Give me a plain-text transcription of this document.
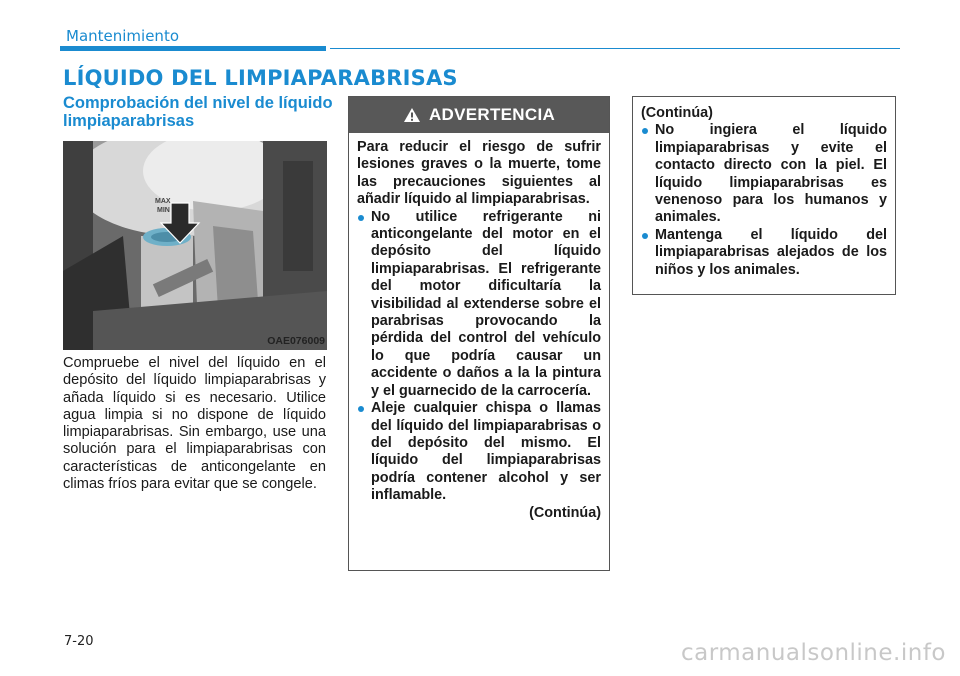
Mantenimiento
LÍQUIDO DEL LIMPIAPARABRISAS
Comprobación del nivel de líquido limpiaparabrisas
MAX
MIN
OAE076009
Compruebe el nivel del líquido en el depósito del líquido limpiaparabrisas y añada líquido si es necesario. Utilice agua limpia si no dispone de líquido limpiaparabrisas. Sin embargo, use una solución para el limpiaparabrisas con características de anticongelante en climas fríos para evitar que se congele.
ADVERTENCIA

Para reducir el riesgo de sufrir lesiones graves o la muerte, tome las precauciones siguientes al añadir líquido al limpiaparabrisas.

No utilice refrigerante ni anticongelante del motor en el depósito del líquido limpiaparabrisas. El refrigerante del motor dificultaría la visibilidad al extenderse sobre el parabrisas provocando la pérdida del control del vehículo lo que podría causar un accidente o daños a la la pintura y el guarnecido de la carrocería.

Aleje cualquier chispa o llamas del líquido del limpiaparabrisas o del depósito del mismo. El líquido del limpiaparabrisas podría contener alcohol y ser inflamable.

(Continúa)

(Continúa)

No ingiera el líquido limpiaparabrisas y evite el contacto directo con la piel. El líquido limpiaparabrisas es venenoso para los humanos y animales.

Mantenga el líquido del limpiaparabrisas alejados de los niños y los animales.

7-20	carmanualsonline.info
